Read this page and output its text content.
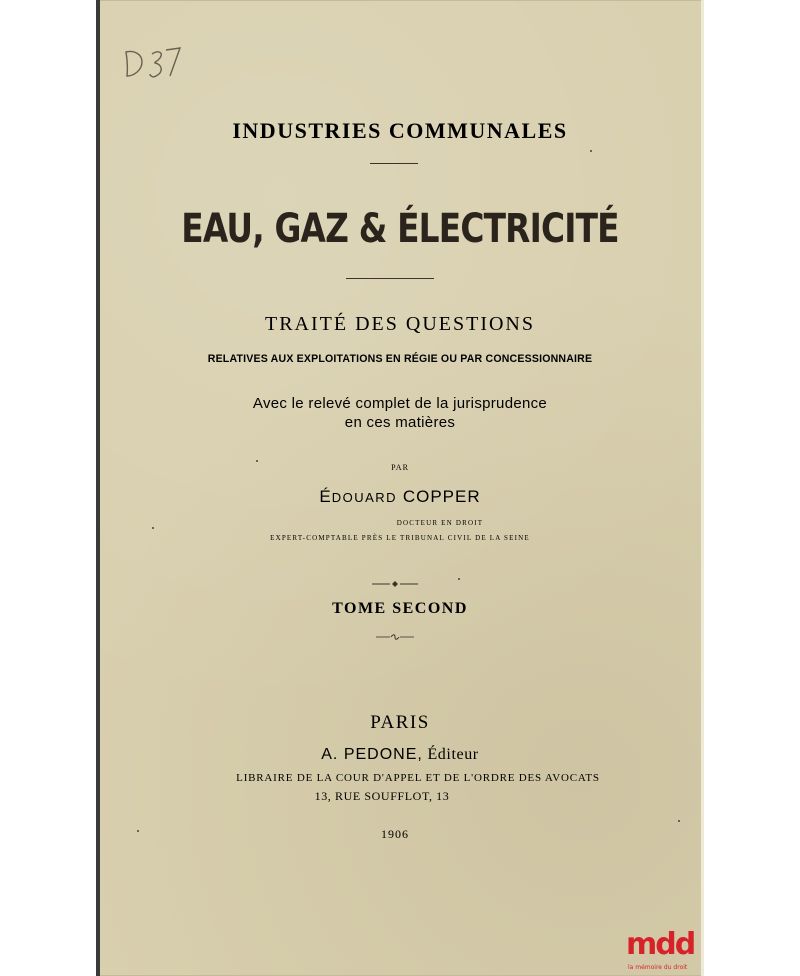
INDUSTRIES COMMUNALES
EAU, GAZ & ÉLECTRICITÉ
TRAITÉ DES QUESTIONS
RELATIVES AUX EXPLOITATIONS EN RÉGIE OU PAR CONCESSIONNAIRE
Avec le relevé complet de la jurisprudence
en ces matières
PAR
ÉDOUARD COPPER
DOCTEUR EN DROIT
EXPERT-COMPTABLE PRÈS LE TRIBUNAL CIVIL DE LA SEINE
TOME SECOND
PARIS
A. PEDONE, Éditeur
LIBRAIRE DE LA COUR D'APPEL ET DE L'ORDRE DES AVOCATS
13, RUE SOUFFLOT, 13
1906
mdd
la mémoire du droit
